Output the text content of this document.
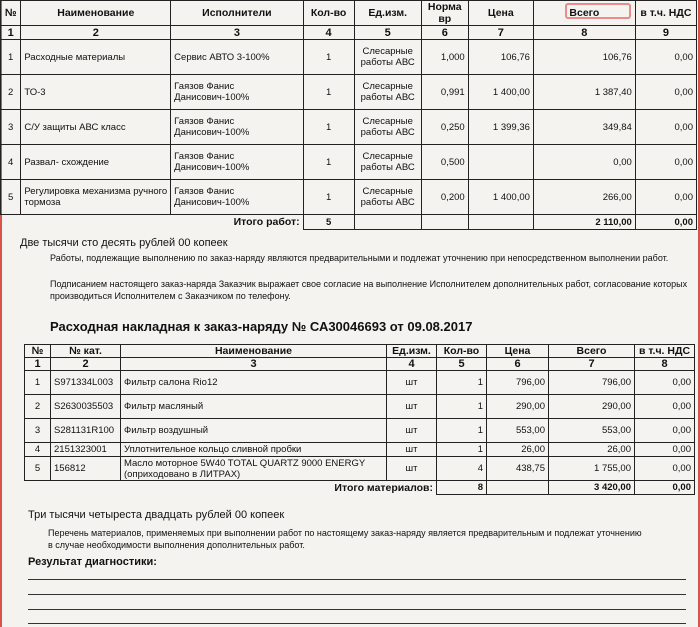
№	Наименование	Исполнители	Кол-во	Ед.изм.	Норма вр	Цена	Всего	в т.ч. НДС
1	2	3	4	5	6	7	8	9
1	Расходные материалы	Сервис АВТО 3-100%	1	Слесарные работы АВС	1,000	106,76	106,76	0,00
2	ТО-3	Гаязов Фанис Данисович-100%	1	Слесарные работы АВС	0,991	1 400,00	1 387,40	0,00
3	С/У защиты АВС класс	Гаязов Фанис Данисович-100%	1	Слесарные работы АВС	0,250	1 399,36	349,84	0,00
4	Развал- схождение	Гаязов Фанис Данисович-100%	1	Слесарные работы АВС	0,500		0,00	0,00
5	Регулировка механизма ручного тормоза	Гаязов Фанис Данисович-100%	1	Слесарные работы АВС	0,200	1 400,00	266,00	0,00
Итого работ:			5				2 110,00	0,00
Две тысячи сто десять рублей 00 копеек
Работы, подлежащие выполнению по заказ-наряду являются предварительными и подлежат уточнению при непосредственном выполнении работ.
Подписанием настоящего заказ-наряда Заказчик выражает свое согласие на выполнение Исполнителем дополнительных работ, согласование которых производиться Исполнителем с Заказчиком по телефону.
Расходная накладная к заказ-наряду № СА30046693 от 09.08.2017
№	№ кат.	Наименование	Ед.изм.	Кол-во	Цена	Всего	в т.ч. НДС
1	2	3	4	5	6	7	8
1	S971334L003	Фильтр салона Rio12	шт	1	796,00	796,00	0,00
2	S2630035503	Фильтр масляный	шт	1	290,00	290,00	0,00
3	S281131R100	Фильтр воздушный	шт	1	553,00	553,00	0,00
4	2151323001	Уплотнительное кольцо сливной пробки	шт	1	26,00	26,00	0,00
5	156812	Масло моторное 5W40 TOTAL QUARTZ 9000 ENERGY (оприходовано в ЛИТРАХ)	шт	4	438,75	1 755,00	0,00
Итого материалов:				8		3 420,00	0,00
Три тысячи четыреста двадцать рублей 00 копеек
Перечень материалов, применяемых при выполнении работ по настоящему заказ-наряду является предварительным и подлежат уточнению в случае необходимости выполнения дополнительных работ.
Результат диагностики:
